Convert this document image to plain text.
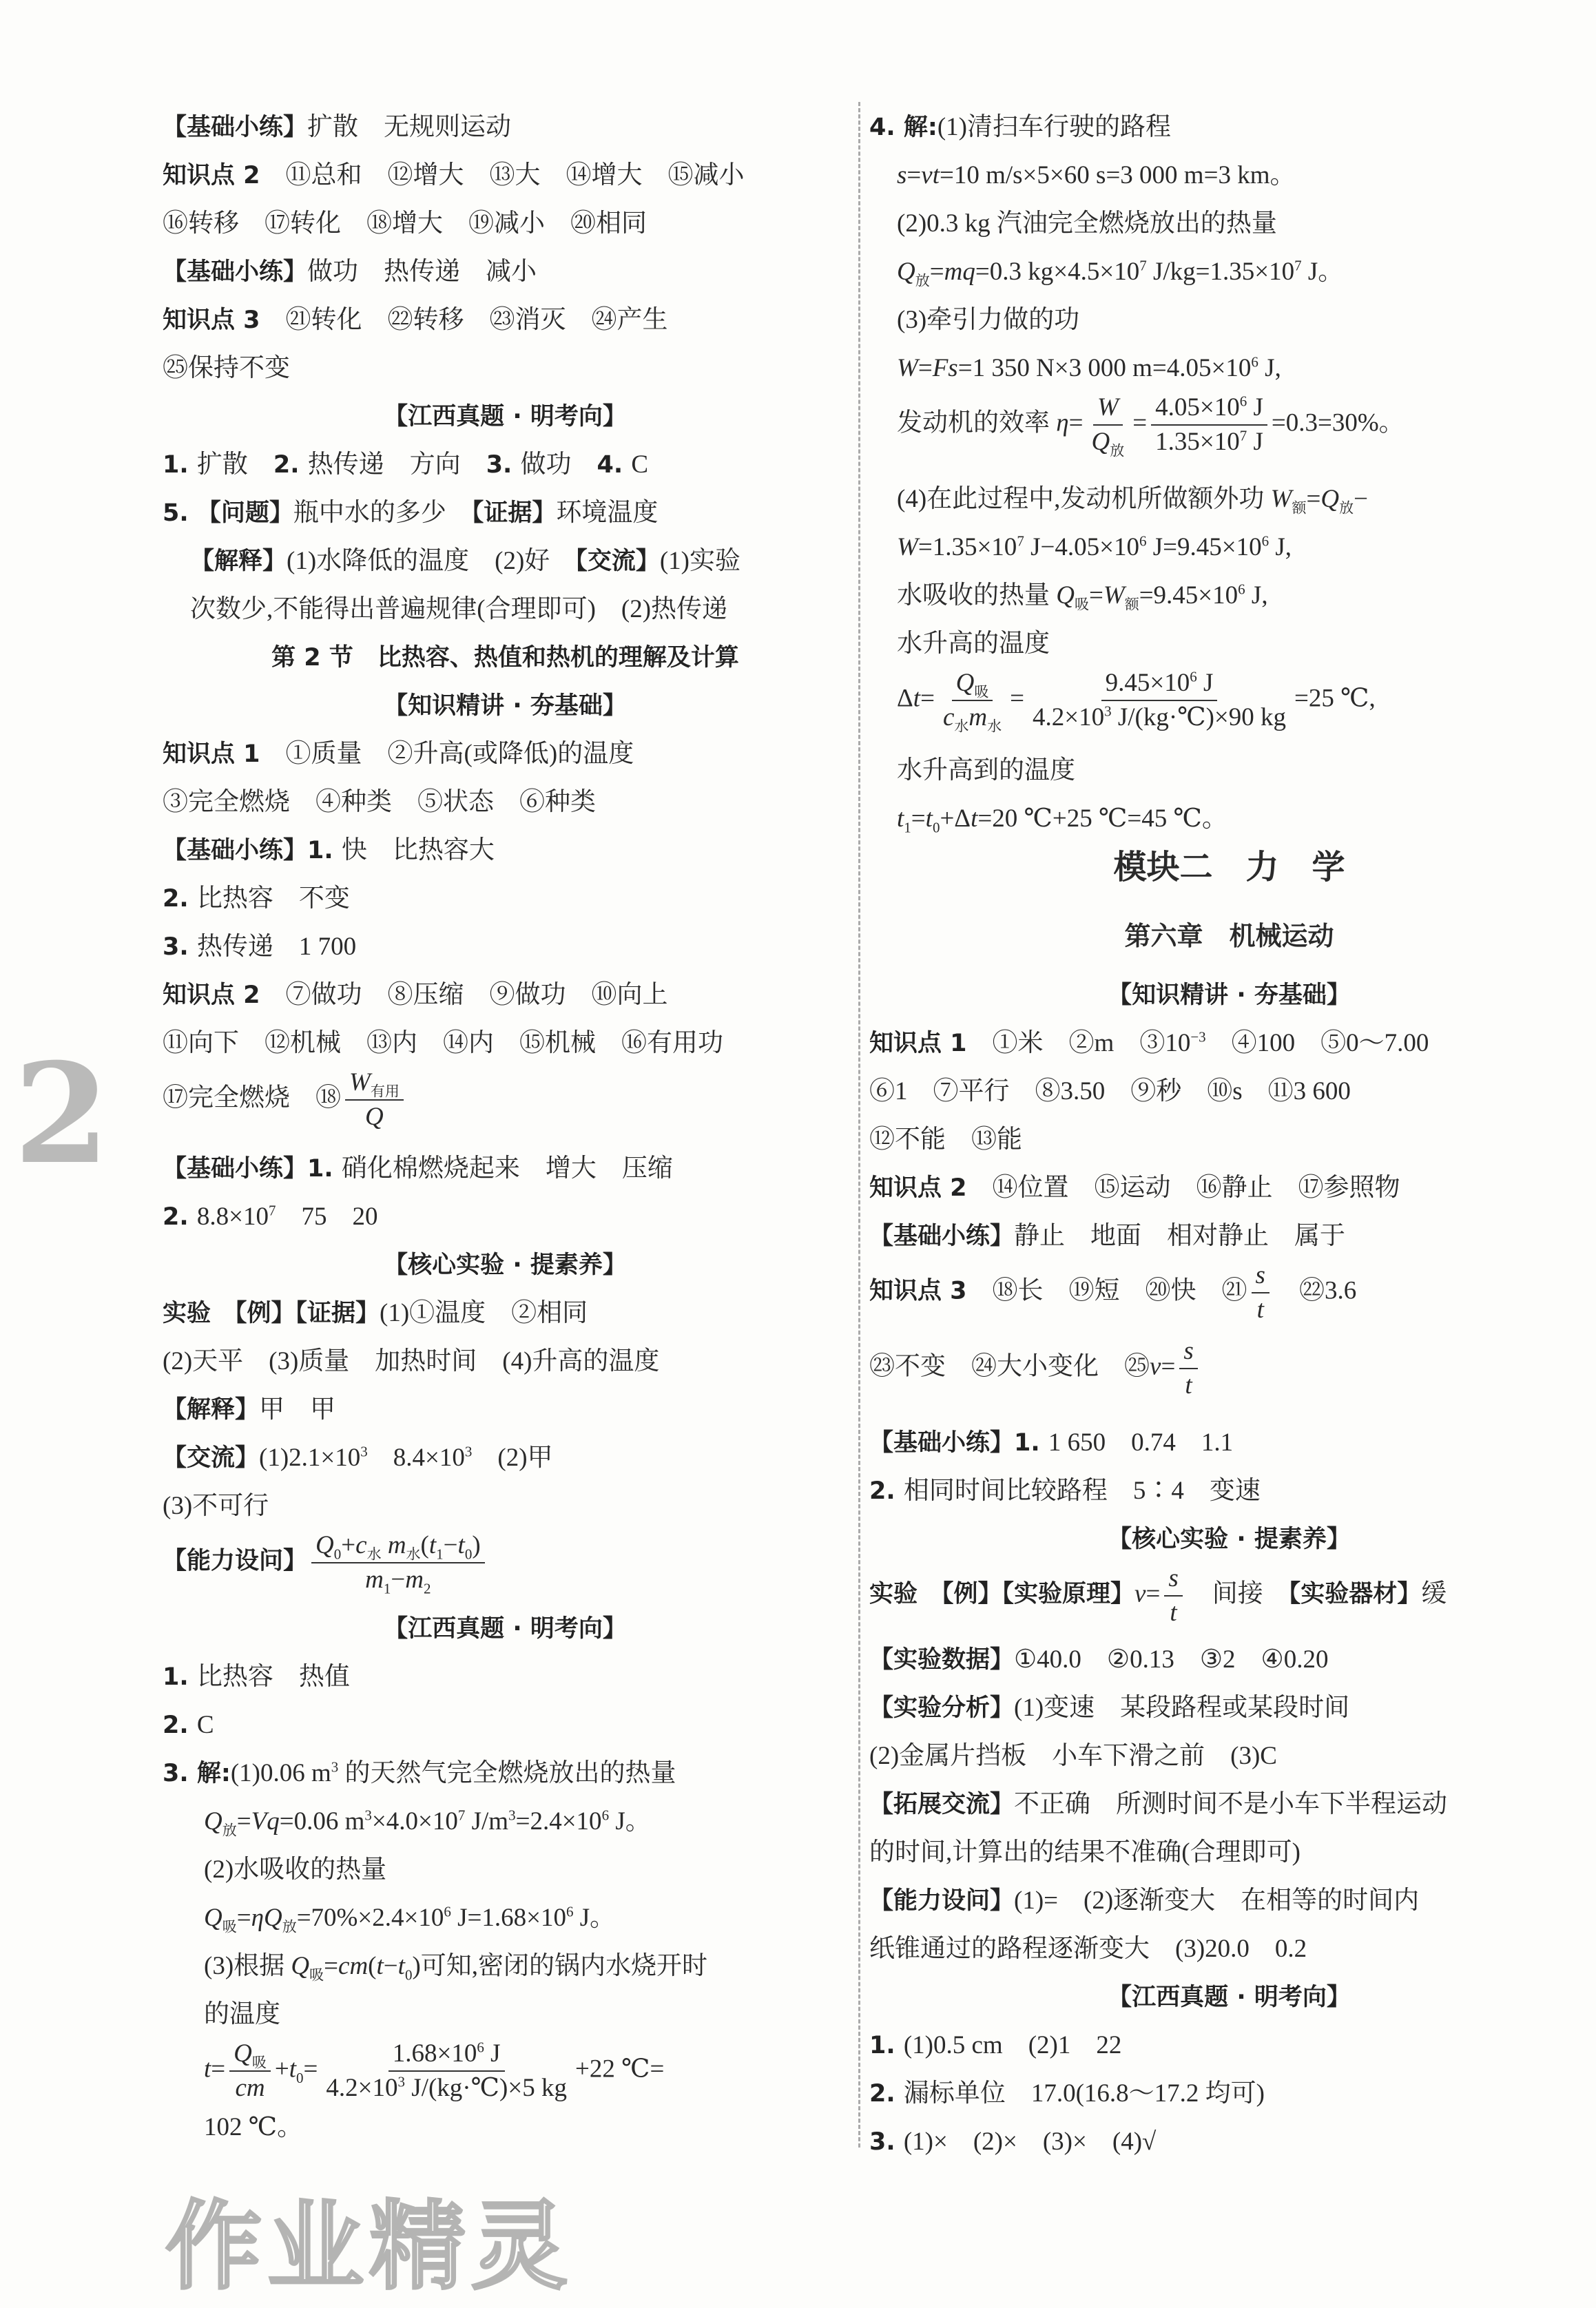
【基础小练】扩散　无规则运动
知识点 2　⑪总和　⑫增大　⑬大　⑭增大　⑮减小
⑯转移　⑰转化　⑱增大　⑲减小　⑳相同
【基础小练】做功　热传递　减小
知识点 3　㉑转化　㉒转移　㉓消灭　㉔产生
㉕保持不变
【江西真题 · 明考向】
1. 扩散　2. 热传递　方向　3. 做功　4. C
5. 【问题】瓶中水的多少　【证据】环境温度
【解释】(1)水降低的温度　(2)好　【交流】(1)实验
次数少,不能得出普遍规律(合理即可)　(2)热传递
第 2 节　比热容、热值和热机的理解及计算
【知识精讲 · 夯基础】
知识点 1　①质量　②升高(或降低)的温度
③完全燃烧　④种类　⑤状态　⑥种类
【基础小练】1. 快　比热容大
2. 比热容　不变
3. 热传递　1 700
知识点 2　⑦做功　⑧压缩　⑨做功　⑩向上
⑪向下　⑫机械　⑬内　⑭内　⑮机械　⑯有用功
⑰完全燃烧　⑱ $\frac{W_{有用}}{Q}$
【基础小练】1. 硝化棉燃烧起来　增大　压缩
2. $8.8\times 10^7$　75　20
【核心实验 · 提素养】
实验　【例】【证据】(1)①温度　②相同
(2)天平　(3)质量　加热时间　(4)升高的温度
【解释】甲　甲
【交流】$(1)2.1\times 10^3$　$8.4\times 10^3$　(2)甲
(3)不可行
【能力设问】 $\frac{Q_0+c_水 m_水(t_1-t_0)}{m_1-m_2}$
【江西真题 · 明考向】
1. 比热容　热值
2. C
3. 解:(1)0.06 $m^3$ 的天然气完全燃烧放出的热量
$Q_放=Vq=0.06$ $m^3\times 4.0\times 10^7$ $J/m^3=2.4\times 10^6$ J。
(2)水吸收的热量
$Q_吸=\eta Q_放=70\%\times 2.4\times 10^6$ $J=1.68\times 10^6$ J。
(3)根据 $Q_吸=cm(t-t_0)$可知,密闭的锅内水烧开时
的温度
$t= \frac{Q_吸}{cm} +t_0= \frac{1.68\times 10^6 J}{4.2\times 10^3 J/(kg\cdot℃)\times 5 kg} +22$ ℃=
102 ℃。
4. 解:(1)清扫车行驶的路程
s=vt=10 m/s×5×60 s=3 000 m=3 km。
(2)0.3 kg 汽油完全燃烧放出的热量
$Q_放=mq=0.3$ $kg\times 4.5\times 10^7$ $J/kg=1.35\times 10^7$ J。
(3)牵引力做的功
W=Fs=1 350 N×3 000 $m=4.05\times 10^6$ J,
发动机的效率 $\eta= \frac{W}{Q_放} = \frac{4.05\times 10^6 J}{1.35\times 10^7 J} =0.3=30\%$。
(4)在此过程中,发动机所做额外功 $W_额=Q_放-$
$W=1.35\times 10^7$ $J-4.05\times 10^6$ $J=9.45\times 10^6$ J,
水吸收的热量 $Q_吸=W_额=9.45\times 10^6$ J,
水升高的温度
$\Delta t= \frac{Q_吸}{c_水m_水} = \frac{9.45\times 10^6 J}{4.2\times 10^3 J/(kg\cdot℃)\times 90 kg} =25$ ℃,
水升高到的温度
$t_1=t_0+\Delta t=20$ ℃+25 ℃=45 ℃。
模块二　力　学
第六章　机械运动
【知识精讲 · 夯基础】
知识点 1　①米　②m　$③10^{-3}$　④100　⑤0～7.00
⑥1　⑦平行　⑧3.50　⑨秒　⑩s　⑪3 600
⑫不能　⑬能
知识点 2　⑭位置　⑮运动　⑯静止　⑰参照物
【基础小练】静止　地面　相对静止　属于
知识点 3　⑱长　⑲短　⑳快　㉑ $\frac{s}{t}$ 　㉒3.6
㉓不变　㉔大小变化　㉕v= $\frac{s}{t}$
【基础小练】1. 1 650　0.74　1.1
2. 相同时间比较路程　5∶4　变速
【核心实验 · 提素养】
实验　【例】【实验原理】$v= \frac{s}{t}$ 　间接　【实验器材】缓
【实验数据】①40.0　②0.13　③2　④0.20
【实验分析】(1)变速　某段路程或某段时间
(2)金属片挡板　小车下滑之前　(3)C
【拓展交流】不正确　所测时间不是小车下半程运动
的时间,计算出的结果不准确(合理即可)
【能力设问】(1)=　(2)逐渐变大　在相等的时间内
纸锥通过的路程逐渐变大　(3)20.0　0.2
【江西真题 · 明考向】
1. (1)0.5 cm　(2)1　22
2. 漏标单位　17.0(16.8～17.2 均可)
3. (1)×　(2)×　(3)×　(4)√
2
作业精灵
